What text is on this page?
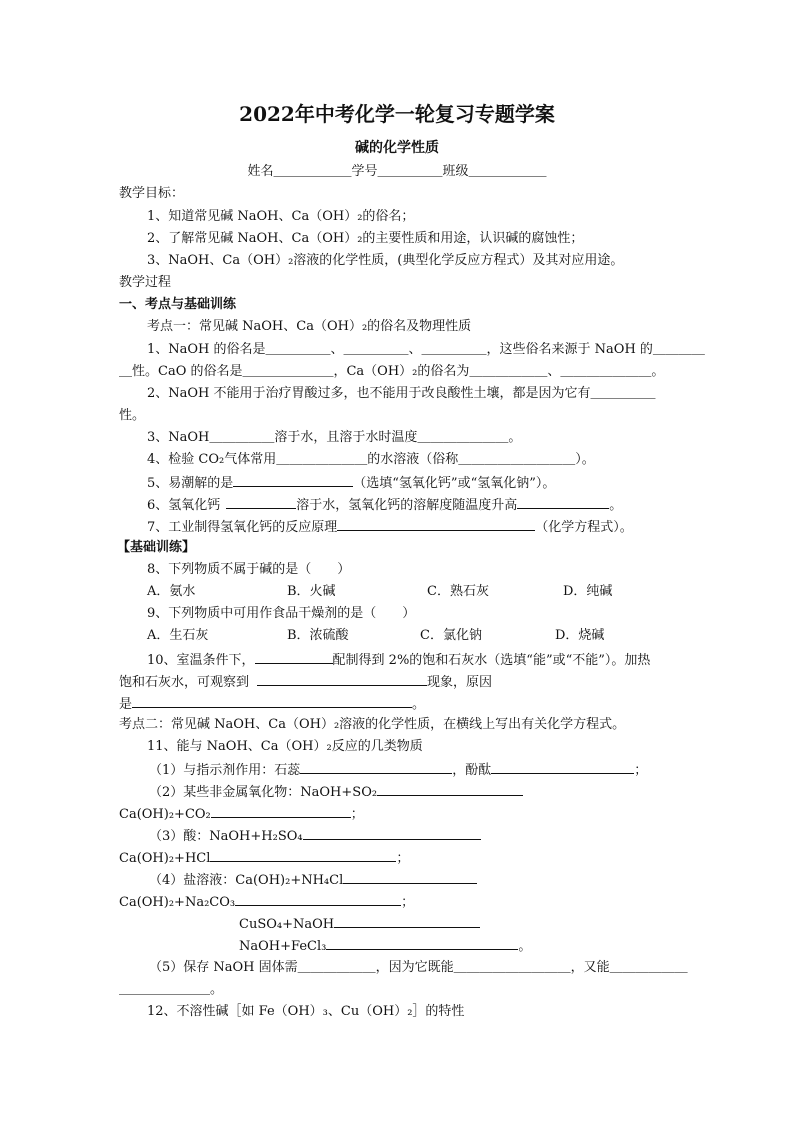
2022年中考化学一轮复习专题学案
碱的化学性质
姓名＿＿＿＿＿＿学号＿＿＿＿＿班级＿＿＿＿＿＿
教学目标：
1、知道常见碱 NaOH、Ca（OH）₂的俗名；
2、了解常见碱 NaOH、Ca（OH）₂的主要性质和用途，认识碱的腐蚀性；
3、NaOH、Ca（OH）₂溶液的化学性质，(典型化学反应方程式）及其对应用途。
教学过程
一、考点与基础训练
考点一：常见碱 NaOH、Ca（OH）₂的俗名及物理性质
1、NaOH 的俗名是＿＿＿＿＿、＿＿＿＿＿、＿＿＿＿＿，这些俗名来源于 NaOH 的＿＿＿＿
＿性。CaO 的俗名是＿＿＿＿＿＿＿，Ca（OH）₂的俗名为＿＿＿＿＿＿、＿＿＿＿＿＿＿。
2、NaOH 不能用于治疗胃酸过多，也不能用于改良酸性土壤，都是因为它有＿＿＿＿＿
性。
3、NaOH＿＿＿＿＿溶于水，且溶于水时温度＿＿＿＿＿＿＿。
4、检验 CO₂气体常用＿＿＿＿＿＿＿的水溶液（俗称＿＿＿＿＿＿＿＿＿）。
5、易潮解的是	（选填“氢氧化钙”或“氢氧化钠”）。
6、氢氧化钙	溶于水，氢氧化钙的溶解度随温度升高	。
7、工业制得氢氧化钙的反应原理	（化学方程式）。
【基础训练】
8、下列物质不属于碱的是（　　）
A．氨水	B．火碱	C．熟石灰	D．纯碱
9、下列物质中可用作食品干燥剂的是（　　）
A．生石灰	B．浓硫酸	C．氯化钠	D．烧碱
10、室温条件下，	配制得到 2%的饱和石灰水（选填“能”或“不能”）。加热
饱和石灰水，可观察到	现象，原因
是	。
考点二：常见碱 NaOH、Ca（OH）₂溶液的化学性质，在横线上写出有关化学方程式。
11、能与 NaOH、Ca（OH）₂反应的几类物质
（1）与指示剂作用：石蕊	，酚酞	；
（2）某些非金属氧化物：NaOH+SO₂
Ca(OH)₂+CO₂	；
（3）酸：NaOH+H₂SO₄
Ca(OH)₂+HCl	；
（4）盐溶液：Ca(OH)₂+NH₄Cl
Ca(OH)₂+Na₂CO₃	；
CuSO₄+NaOH
NaOH+FeCl₃	。
（5）保存 NaOH 固体需＿＿＿＿＿＿，因为它既能＿＿＿＿＿＿＿＿＿，又能＿＿＿＿＿＿
＿＿＿＿＿＿＿。
12、不溶性碱［如 Fe（OH）₃、Cu（OH）₂］的特性
